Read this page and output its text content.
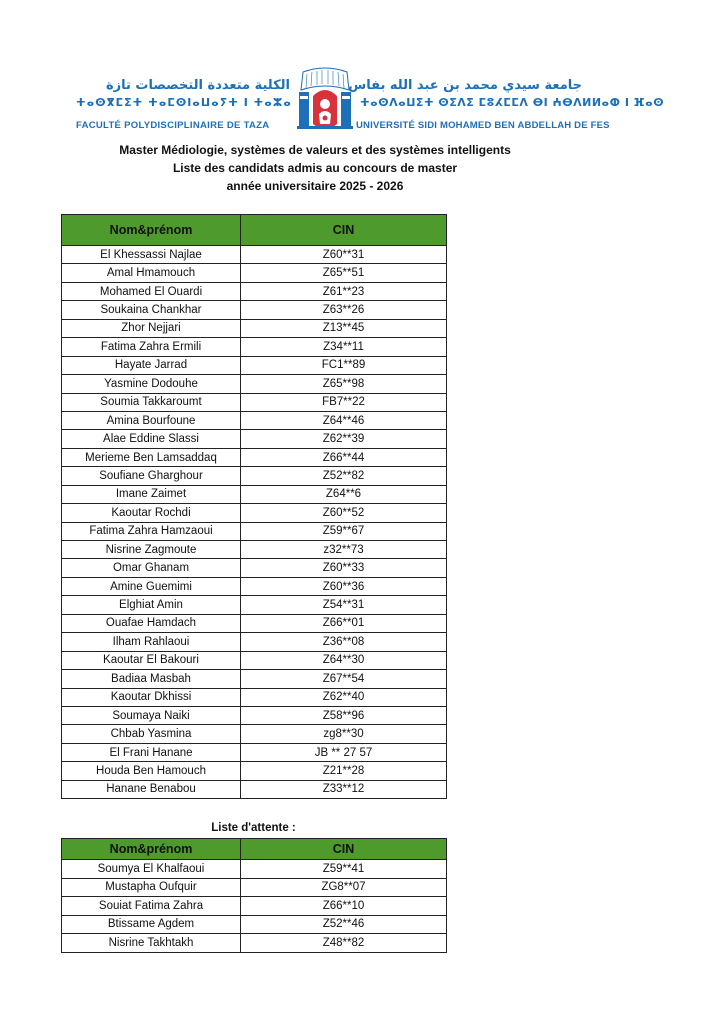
الكلية متعددة التخصصات تازة
ⵜⴰⵙⴳⵎⵉⵜ ⵜⴰⵎⵙⵏⴰⵡⴰⵢⵜ ⵏ ⵜⴰⵣⴰ
FACULTÉ POLYDISCIPLINAIRE DE TAZA
جامعة سيدي محمد بن عبد الله بفاس
ⵜⴰⵙⴷⴰⵡⵉⵜ ⵙⵉⴷⵉ ⵎⵓⵃⵎⵎⴷ ⴱⵏ ⵄⴱⴷⵍⵍⴰⵀ ⵏ ⴼⴰⵙ
UNIVERSITÉ SIDI MOHAMED BEN ABDELLAH DE FES
Master Médiologie, systèmes de valeurs et des systèmes intelligents
Liste des candidats admis au concours de master
année universitaire 2025 - 2026
Nom&prénom	CIN
El Khessassi Najlae	Z60**31
Amal Hmamouch	Z65**51
Mohamed El Ouardi	Z61**23
Soukaina Chankhar	Z63**26
Zhor Nejjari	Z13**45
Fatima Zahra Ermili	Z34**11
Hayate Jarrad	FC1**89
Yasmine Dodouhe	Z65**98
Soumia Takkaroumt	FB7**22
Amina Bourfoune	Z64**46
Alae Eddine Slassi	Z62**39
Merieme Ben Lamsaddaq	Z66**44
Soufiane Gharghour	Z52**82
Imane Zaimet	Z64**6
Kaoutar Rochdi	Z60**52
Fatima Zahra Hamzaoui	Z59**67
Nisrine Zagmoute	z32**73
Omar Ghanam	Z60**33
Amine Guemimi	Z60**36
Elghiat Amin	Z54**31
Ouafae Hamdach	Z66**01
Ilham Rahlaoui	Z36**08
Kaoutar El Bakouri	Z64**30
Badiaa Masbah	Z67**54
Kaoutar Dkhissi	Z62**40
Soumaya Naiki	Z58**96
Chbab Yasmina	zg8**30
El Frani Hanane	JB ** 27 57
Houda Ben Hamouch	Z21**28
Hanane Benabou	Z33**12
Liste d'attente :
Nom&prénom	CIN
Soumya El Khalfaoui	Z59**41
Mustapha Oufquir	ZG8**07
Souiat Fatima Zahra	Z66**10
Btissame Agdem	Z52**46
Nisrine Takhtakh	Z48**82
